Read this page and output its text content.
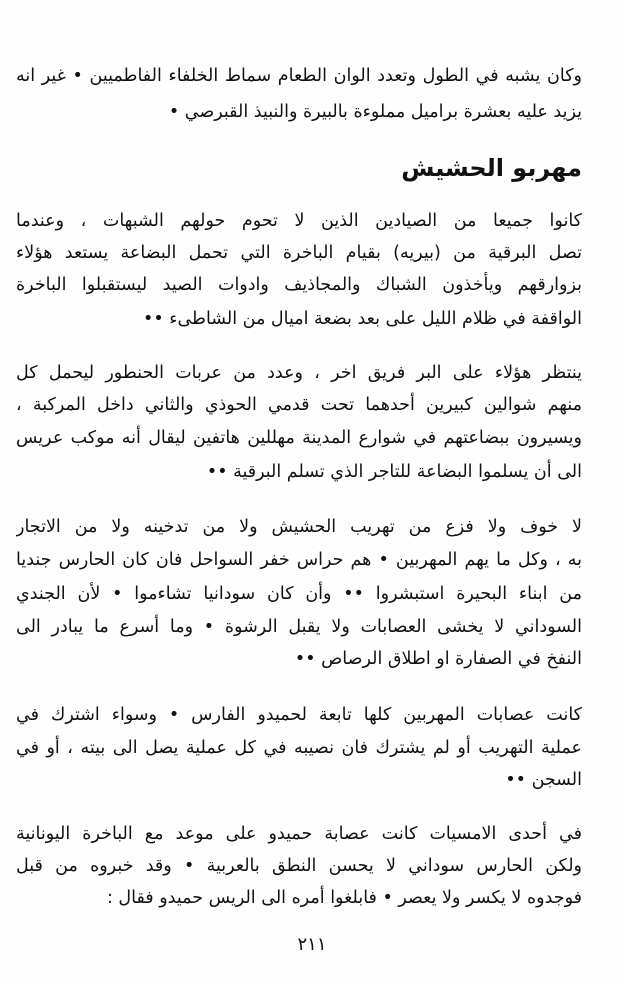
وكان يشبه في الطول وتعدد الوان الطعام سماط الخلفاء الفاطميين • غير انه
يزيد عليه بعشرة براميل مملوءة بالبيرة والنبيذ القبرصي •
مهربو الحشيش
كانوا جميعا من الصيادين الذين لا تحوم حولهم الشبهات ، وعندما
تصل البرقية من (بيريه) بقيام الباخرة التي تحمل البضاعة يستعد هؤلاء
بزوارقهم ويأخذون الشباك والمجاذيف وادوات الصيد ليستقبلوا الباخرة
الواقفة في ظلام الليل على بعد بضعة اميال من الشاطىء ••
ينتظر هؤلاء على البر فريق اخر ، وعدد من عربات الحنطور ليحمل كل
منهم شوالين كبيرين أحدهما تحت قدمي الحوذي والثاني داخل المركبة ،
ويسيرون ببضاعتهم في شوارع المدينة مهللين هاتفين ليقال أنه موكب عريس
الى أن يسلموا البضاعة للتاجر الذي تسلم البرقية ••
لا خوف ولا فزع من تهريب الحشيش ولا من تدخينه ولا من الاتجار
به ، وكل ما يهم المهربين • هم حراس خفر السواحل فان كان الحارس جنديا
من ابناء البحيرة استبشروا •• وأن كان سودانيا تشاءموا • لأن الجندي
السوداني لا يخشى العصابات ولا يقبل الرشوة • وما أسرع ما يبادر الى
النفخ في الصفارة او اطلاق الرصاص ••
كانت عصابات المهربين كلها تابعة لحميدو الفارس • وسواء اشترك في
عملية التهريب أو لم يشترك فان نصيبه في كل عملية يصل الى بيته ، أو في
السجن ••
في أحدى الامسيات كانت عصابة حميدو على موعد مع الباخرة اليونانية
ولكن الحارس سوداني لا يحسن النطق بالعربية • وقد خبروه من قبل
فوجدوه لا يكسر ولا يعصر • فابلغوا أمره الى الريس حميدو فقال :
٢١١
